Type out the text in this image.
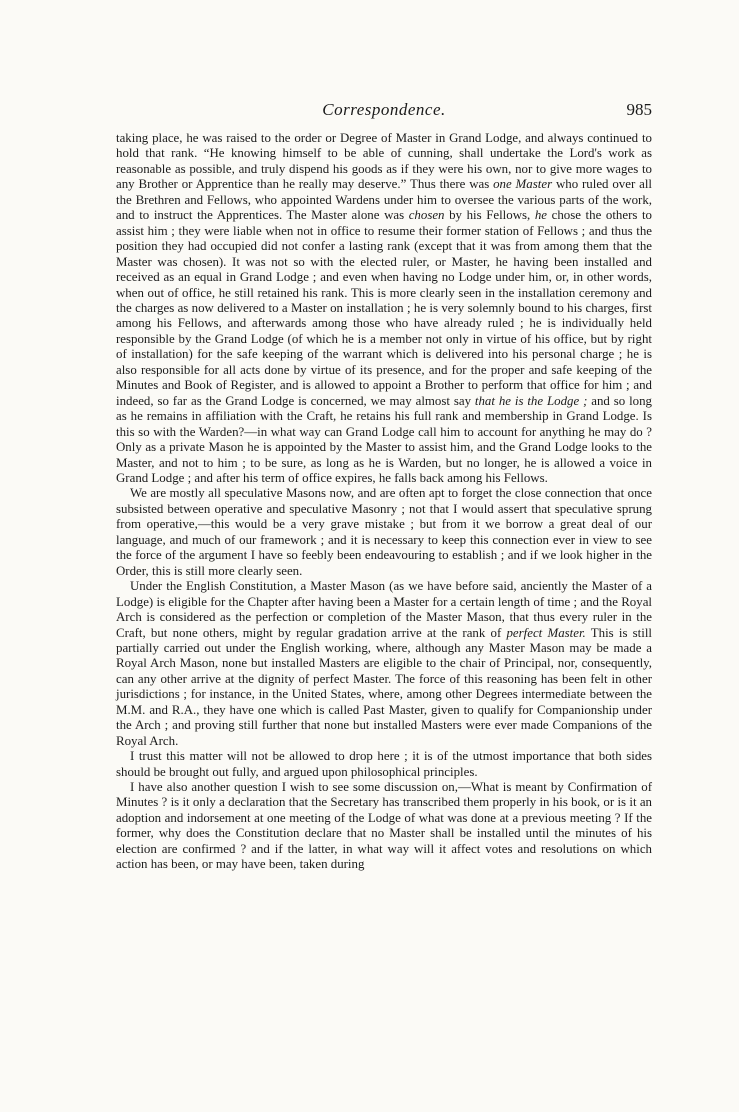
Correspondence.	985

taking place, he was raised to the order or Degree of Master in Grand Lodge, and always continued to hold that rank. “He knowing himself to be able of cunning, shall undertake the Lord's work as reasonable as possible, and truly dispend his goods as if they were his own, nor to give more wages to any Brother or Apprentice than he really may deserve.” Thus there was one Master who ruled over all the Brethren and Fellows, who appointed Wardens under him to oversee the various parts of the work, and to instruct the Apprentices. The Master alone was chosen by his Fellows, he chose the others to assist him ; they were liable when not in office to resume their former station of Fellows ; and thus the position they had occupied did not confer a lasting rank (except that it was from among them that the Master was chosen). It was not so with the elected ruler, or Master, he having been installed and received as an equal in Grand Lodge ; and even when having no Lodge under him, or, in other words, when out of office, he still retained his rank. This is more clearly seen in the installation ceremony and the charges as now delivered to a Master on installation ; he is very solemnly bound to his charges, first among his Fellows, and afterwards among those who have already ruled ; he is individually held responsible by the Grand Lodge (of which he is a member not only in virtue of his office, but by right of installation) for the safe keeping of the warrant which is delivered into his personal charge ; he is also responsible for all acts done by virtue of its presence, and for the proper and safe keeping of the Minutes and Book of Register, and is allowed to appoint a Brother to perform that office for him ; and indeed, so far as the Grand Lodge is concerned, we may almost say that he is the Lodge ; and so long as he remains in affiliation with the Craft, he retains his full rank and membership in Grand Lodge. Is this so with the Warden?—in what way can Grand Lodge call him to account for anything he may do ? Only as a private Mason he is appointed by the Master to assist him, and the Grand Lodge looks to the Master, and not to him ; to be sure, as long as he is Warden, but no longer, he is allowed a voice in Grand Lodge ; and after his term of office expires, he falls back among his Fellows.

We are mostly all speculative Masons now, and are often apt to forget the close connection that once subsisted between operative and speculative Masonry ; not that I would assert that speculative sprung from operative,—this would be a very grave mistake ; but from it we borrow a great deal of our language, and much of our framework ; and it is necessary to keep this connection ever in view to see the force of the argument I have so feebly been endeavouring to establish ; and if we look higher in the Order, this is still more clearly seen.

Under the English Constitution, a Master Mason (as we have before said, anciently the Master of a Lodge) is eligible for the Chapter after having been a Master for a certain length of time ; and the Royal Arch is considered as the perfection or completion of the Master Mason, that thus every ruler in the Craft, but none others, might by regular gradation arrive at the rank of perfect Master. This is still partially carried out under the English working, where, although any Master Mason may be made a Royal Arch Mason, none but installed Masters are eligible to the chair of Principal, nor, consequently, can any other arrive at the dignity of perfect Master. The force of this reasoning has been felt in other jurisdictions ; for instance, in the United States, where, among other Degrees intermediate between the M.M. and R.A., they have one which is called Past Master, given to qualify for Companionship under the Arch ; and proving still further that none but installed Masters were ever made Companions of the Royal Arch.

I trust this matter will not be allowed to drop here ; it is of the utmost importance that both sides should be brought out fully, and argued upon philosophical principles.

I have also another question I wish to see some discussion on,—What is meant by Confirmation of Minutes ? is it only a declaration that the Secretary has transcribed them properly in his book, or is it an adoption and indorsement at one meeting of the Lodge of what was done at a previous meeting ? If the former, why does the Constitution declare that no Master shall be installed until the minutes of his election are confirmed ? and if the latter, in what way will it affect votes and resolutions on which action has been, or may have been, taken during
